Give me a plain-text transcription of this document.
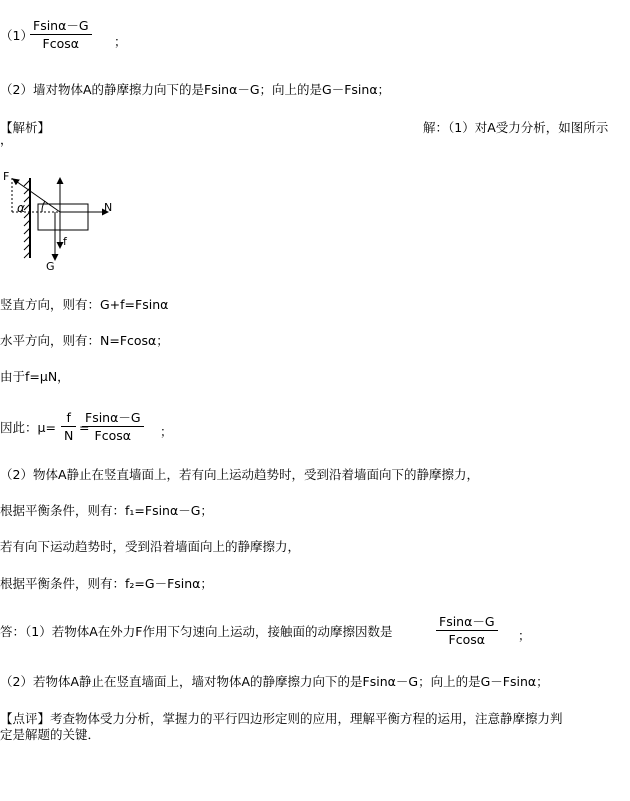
（1）
$\frac{Fsin\alpha-G}{Fcos\alpha}$ ；
（2）墙对物体A的静摩擦力向下的是Fsinα－G；向上的是G－Fsinα；
【解析】	解：（1）对A受力分析，如图所示
，
F
α	N
f
G
竖直方向，则有：G+f=Fsinα
水平方向，则有：N=Fcosα；
由于f=μN，
因此：$\mu= \frac{f}{N}$ =
$\frac{Fsin\alpha-G}{Fcos\alpha}$ ；
（2）物体A静止在竖直墙面上，若有向上运动趋势时，受到沿着墙面向下的静摩擦力，
根据平衡条件，则有：f₁=Fsinα－G；
若有向下运动趋势时，受到沿着墙面向上的静摩擦力，
根据平衡条件，则有：f₂=G－Fsinα；
答：（1）若物体A在外力F作用下匀速向上运动，接触面的动摩擦因数是	$\frac{Fsin\alpha-G}{Fcos\alpha}$ ；
（2）若物体A静止在竖直墙面上，墙对物体A的静摩擦力向下的是Fsinα－G；向上的是G－Fsinα；
【点评】考查物体受力分析，掌握力的平行四边形定则的应用，理解平衡方程的运用，注意静摩擦力判
定是解题的关键．
